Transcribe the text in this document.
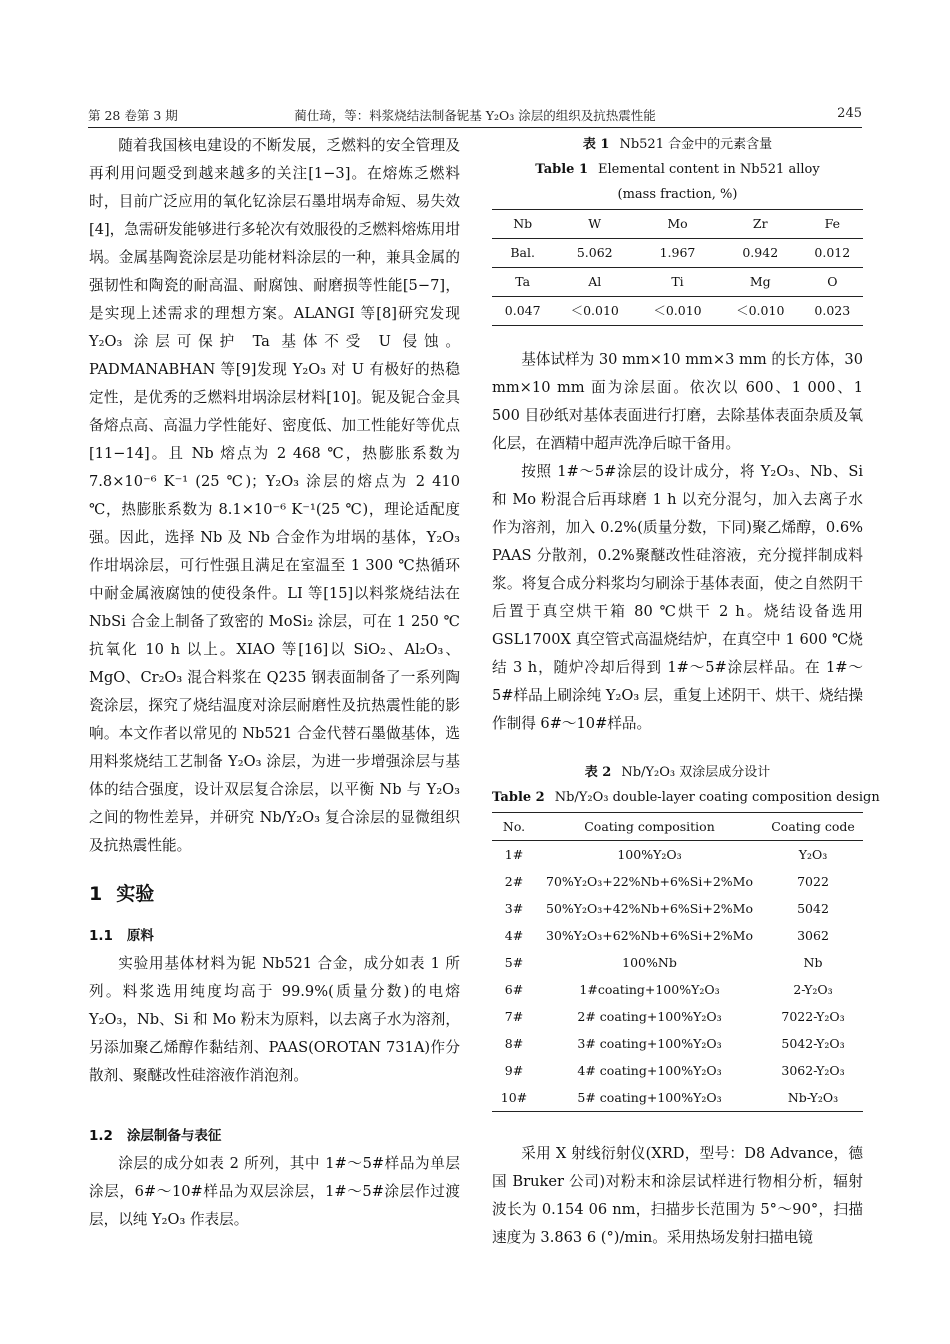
第 28 卷第 3 期	蔺仕琦，等：料浆烧结法制备铌基 Y₂O₃ 涂层的组织及抗热震性能	245

随着我国核电建设的不断发展，乏燃料的安全管理及再利用问题受到越来越多的关注[1−3]。在熔炼乏燃料时，目前广泛应用的氧化钇涂层石墨坩埚寿命短、易失效[4]，急需研发能够进行多轮次有效服役的乏燃料熔炼用坩埚。金属基陶瓷涂层是功能材料涂层的一种，兼具金属的强韧性和陶瓷的耐高温、耐腐蚀、耐磨损等性能[5−7]，是实现上述需求的理想方案。ALANGI 等[8]研究发现 Y₂O₃ 涂层可保护 Ta 基体不受 U 侵蚀。PADMANABHAN 等[9]发现 Y₂O₃ 对 U 有极好的热稳定性，是优秀的乏燃料坩埚涂层材料[10]。铌及铌合金具备熔点高、高温力学性能好、密度低、加工性能好等优点[11−14]。且 Nb 熔点为 2 468 ℃，热膨胀系数为 7.8×10⁻⁶ K⁻¹ (25 ℃)；Y₂O₃ 涂层的熔点为 2 410 ℃，热膨胀系数为 8.1×10⁻⁶ K⁻¹(25 ℃)，理论适配度强。因此，选择 Nb 及 Nb 合金作为坩埚的基体，Y₂O₃ 作坩埚涂层，可行性强且满足在室温至 1 300 ℃热循环中耐金属液腐蚀的使役条件。LI 等[15]以料浆烧结法在 NbSi 合金上制备了致密的 MoSi₂ 涂层，可在 1 250 ℃抗氧化 10 h 以上。XIAO 等[16]以 SiO₂、Al₂O₃、MgO、Cr₂O₃ 混合料浆在 Q235 钢表面制备了一系列陶瓷涂层，探究了烧结温度对涂层耐磨性及抗热震性能的影响。本文作者以常见的 Nb521 合金代替石墨做基体，选用料浆烧结工艺制备 Y₂O₃ 涂层，为进一步增强涂层与基体的结合强度，设计双层复合涂层，以平衡 Nb 与 Y₂O₃ 之间的物性差异，并研究 Nb/Y₂O₃ 复合涂层的显微组织及抗热震性能。

1 实验
1.1 原料

实验用基体材料为铌 Nb521 合金，成分如表 1 所列。料浆选用纯度均高于 99.9%(质量分数)的电熔 Y₂O₃，Nb、Si 和 Mo 粉末为原料，以去离子水为溶剂，另添加聚乙烯醇作黏结剂、PAAS(OROTAN 731A)作分散剂、聚醚改性硅溶液作消泡剂。

1.2 涂层制备与表征

涂层的成分如表 2 所列，其中 1#～5#样品为单层涂层，6#～10#样品为双层涂层，1#～5#涂层作过渡层，以纯 Y₂O₃ 作表层。

表 1 Nb521 合金中的元素含量
Table 1 Elemental content in Nb521 alloy
(mass fraction, %)
Nb	W	Mo	Zr	Fe
Bal.	5.062	1.967	0.942	0.012
Ta	Al	Ti	Mg	O
0.047	＜0.010	＜0.010	＜0.010	0.023

基体试样为 30 mm×10 mm×3 mm 的长方体，30 mm×10 mm 面为涂层面。依次以 600、1 000、1 500 目砂纸对基体表面进行打磨，去除基体表面杂质及氧化层，在酒精中超声洗净后晾干备用。

按照 1#～5#涂层的设计成分，将 Y₂O₃、Nb、Si 和 Mo 粉混合后再球磨 1 h 以充分混匀，加入去离子水作为溶剂，加入 0.2%(质量分数，下同)聚乙烯醇，0.6% PAAS 分散剂，0.2%聚醚改性硅溶液，充分搅拌制成料浆。将复合成分料浆均匀刷涂于基体表面，使之自然阴干后置于真空烘干箱 80 ℃烘干 2 h。烧结设备选用 GSL1700X 真空管式高温烧结炉，在真空中 1 600 ℃烧结 3 h，随炉冷却后得到 1#～5#涂层样品。在 1#～5#样品上刷涂纯 Y₂O₃ 层，重复上述阴干、烘干、烧结操作制得 6#～10#样品。

表 2 Nb/Y₂O₃ 双涂层成分设计
Table 2 Nb/Y₂O₃ double-layer coating composition design
No.	Coating composition	Coating code
1#	100%Y₂O₃	Y₂O₃
2#	70%Y₂O₃+22%Nb+6%Si+2%Mo	7022
3#	50%Y₂O₃+42%Nb+6%Si+2%Mo	5042
4#	30%Y₂O₃+62%Nb+6%Si+2%Mo	3062
5#	100%Nb	Nb
6#	1#coating+100%Y₂O₃	2-Y₂O₃
7#	2# coating+100%Y₂O₃	7022-Y₂O₃
8#	3# coating+100%Y₂O₃	5042-Y₂O₃
9#	4# coating+100%Y₂O₃	3062-Y₂O₃
10#	5# coating+100%Y₂O₃	Nb-Y₂O₃

采用 X 射线衍射仪(XRD，型号：D8 Advance，德国 Bruker 公司)对粉末和涂层试样进行物相分析，辐射波长为 0.154 06 nm，扫描步长范围为 5°～90°，扫描速度为 3.863 6 (°)/min。采用热场发射扫描电镜
